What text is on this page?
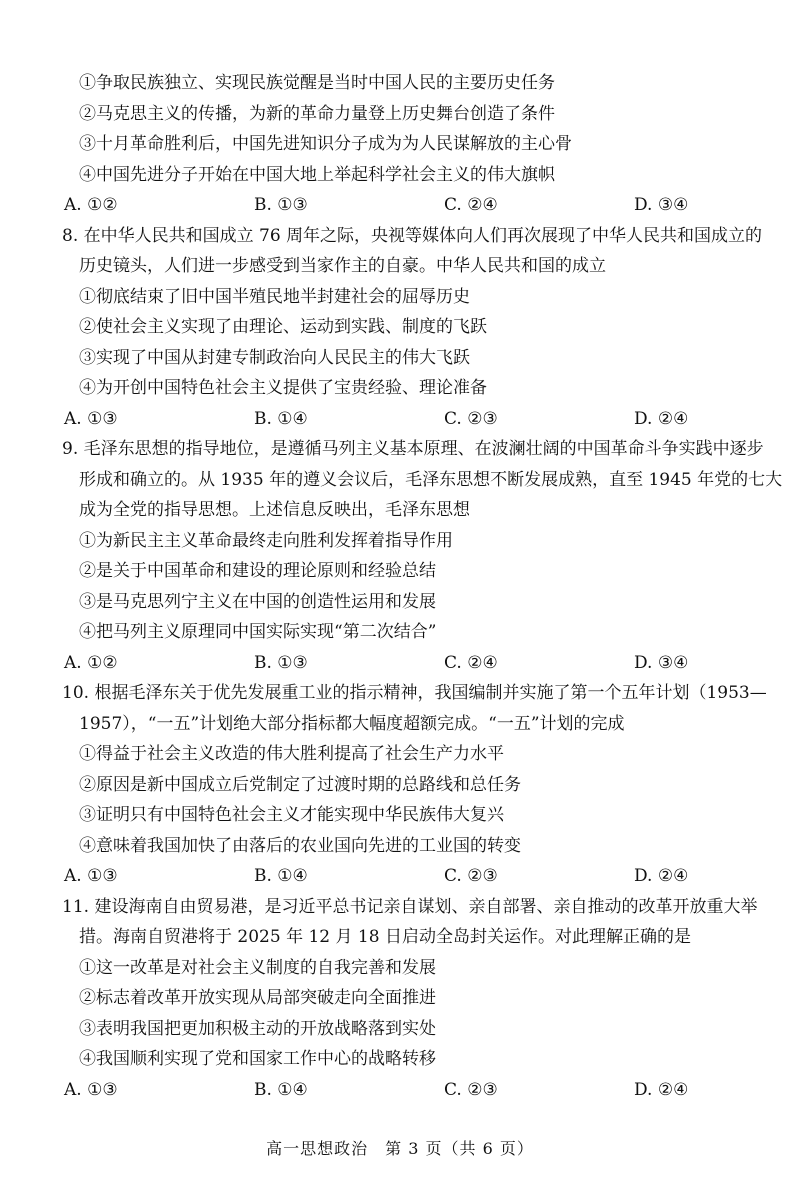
①争取民族独立、实现民族觉醒是当时中国人民的主要历史任务
②马克思主义的传播，为新的革命力量登上历史舞台创造了条件
③十月革命胜利后，中国先进知识分子成为为人民谋解放的主心骨
④中国先进分子开始在中国大地上举起科学社会主义的伟大旗帜
A. ①②	B. ①③	C. ②④	D. ③④
8. 在中华人民共和国成立 76 周年之际，央视等媒体向人们再次展现了中华人民共和国成立的
历史镜头，人们进一步感受到当家作主的自豪。中华人民共和国的成立
①彻底结束了旧中国半殖民地半封建社会的屈辱历史
②使社会主义实现了由理论、运动到实践、制度的飞跃
③实现了中国从封建专制政治向人民民主的伟大飞跃
④为开创中国特色社会主义提供了宝贵经验、理论准备
A. ①③	B. ①④	C. ②③	D. ②④
9. 毛泽东思想的指导地位，是遵循马列主义基本原理、在波澜壮阔的中国革命斗争实践中逐步
形成和确立的。从 1935 年的遵义会议后，毛泽东思想不断发展成熟，直至 1945 年党的七大
成为全党的指导思想。上述信息反映出，毛泽东思想
①为新民主主义革命最终走向胜利发挥着指导作用
②是关于中国革命和建设的理论原则和经验总结
③是马克思列宁主义在中国的创造性运用和发展
④把马列主义原理同中国实际实现“第二次结合”
A. ①②	B. ①③	C. ②④	D. ③④
10. 根据毛泽东关于优先发展重工业的指示精神，我国编制并实施了第一个五年计划（1953—
1957），“一五”计划绝大部分指标都大幅度超额完成。“一五”计划的完成
①得益于社会主义改造的伟大胜利提高了社会生产力水平
②原因是新中国成立后党制定了过渡时期的总路线和总任务
③证明只有中国特色社会主义才能实现中华民族伟大复兴
④意味着我国加快了由落后的农业国向先进的工业国的转变
A. ①③	B. ①④	C. ②③	D. ②④
11. 建设海南自由贸易港，是习近平总书记亲自谋划、亲自部署、亲自推动的改革开放重大举
措。海南自贸港将于 2025 年 12 月 18 日启动全岛封关运作。对此理解正确的是
①这一改革是对社会主义制度的自我完善和发展
②标志着改革开放实现从局部突破走向全面推进
③表明我国把更加积极主动的开放战略落到实处
④我国顺利实现了党和国家工作中心的战略转移
A. ①③	B. ①④	C. ②③	D. ②④
高一思想政治　第 3 页（共 6 页）
